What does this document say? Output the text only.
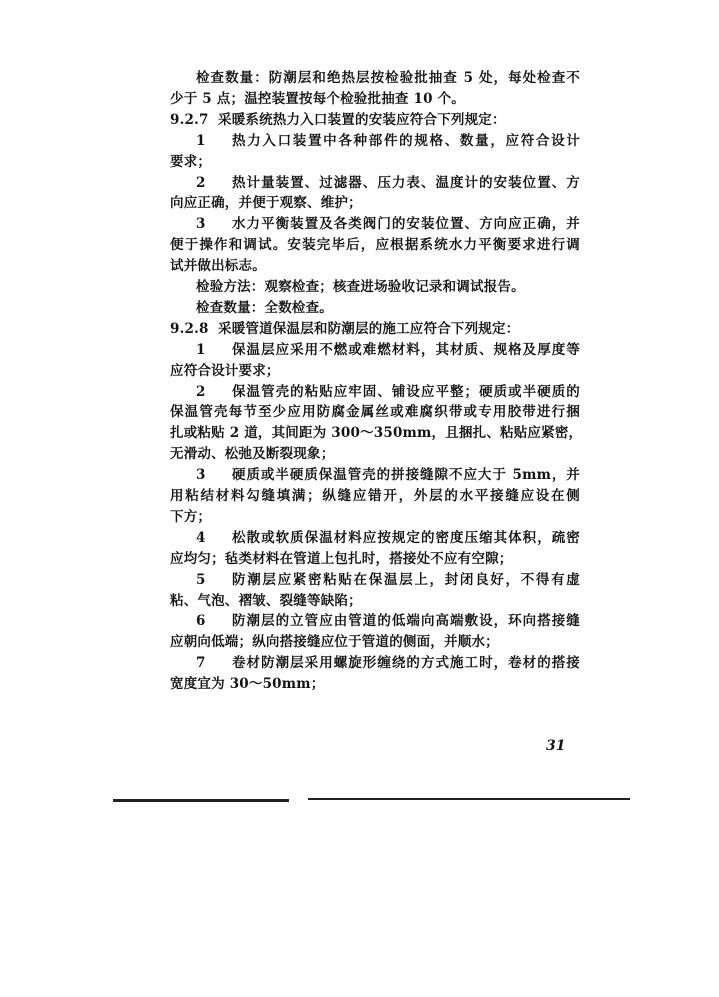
检查数量：防潮层和绝热层按检验批抽查 5 处，每处检查不
少于 5 点；温控装置按每个检验批抽查 10 个。
9.2.7 采暖系统热力入口装置的安装应符合下列规定：
1 热力入口装置中各种部件的规格、数量，应符合设计
要求；
2 热计量装置、过滤器、压力表、温度计的安装位置、方
向应正确，并便于观察、维护；
3 水力平衡装置及各类阀门的安装位置、方向应正确，并
便于操作和调试。安装完毕后，应根据系统水力平衡要求进行调
试并做出标志。
检验方法：观察检查；核查进场验收记录和调试报告。
检查数量：全数检查。
9.2.8 采暖管道保温层和防潮层的施工应符合下列规定：
1 保温层应采用不燃或难燃材料，其材质、规格及厚度等
应符合设计要求；
2 保温管壳的粘贴应牢固、铺设应平整；硬质或半硬质的
保温管壳每节至少应用防腐金属丝或难腐织带或专用胶带进行捆
扎或粘贴 2 道，其间距为 300～350mm，且捆扎、粘贴应紧密，
无滑动、松弛及断裂现象；
3 硬质或半硬质保温管壳的拼接缝隙不应大于 5mm，并
用粘结材料勾缝填满；纵缝应错开，外层的水平接缝应设在侧
下方；
4 松散或软质保温材料应按规定的密度压缩其体积，疏密
应均匀；毡类材料在管道上包扎时，搭接处不应有空隙；
5 防潮层应紧密粘贴在保温层上，封闭良好，不得有虚
粘、气泡、褶皱、裂缝等缺陷；
6 防潮层的立管应由管道的低端向高端敷设，环向搭接缝
应朝向低端；纵向搭接缝应位于管道的侧面，并顺水；
7 卷材防潮层采用螺旋形缠绕的方式施工时，卷材的搭接
宽度宜为 30～50mm；
31
